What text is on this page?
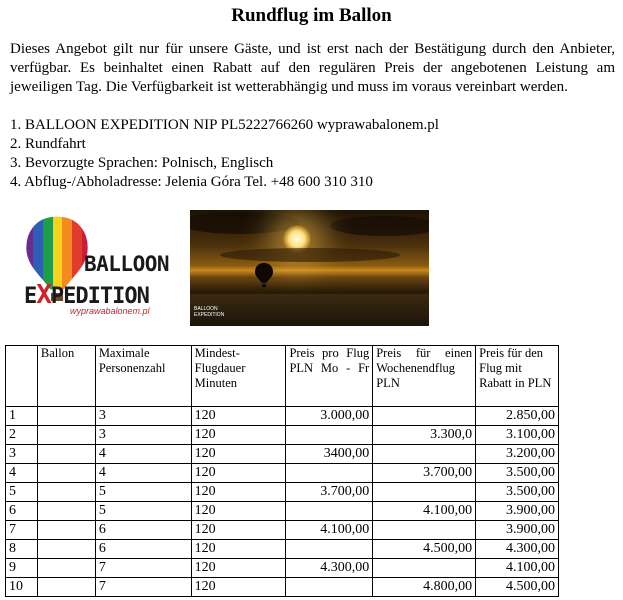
Rundflug im Ballon

Dieses Angebot gilt nur für unsere Gäste, und ist erst nach der Bestätigung durch den Anbieter, verfügbar. Es beinhaltet einen Rabatt auf den regulären Preis der angebotenen Leistung am jeweiligen Tag. Die Verfügbarkeit ist wetterabhängig und muss im voraus vereinbart werden.

1. BALLOON EXPEDITION NIP PL5222766260 wyprawabalonem.pl
2. Rundfahrt
3. Bevorzugte Sprachen: Polnisch, Englisch
4. Abflug-/Abholadresse: Jelenia Góra Tel. +48 600 310 310
BALLOON
EXPEDITION
wyprawabalonem.pl	BALLOON
EXPEDITION
	Ballon	Maximale Personenzahl	Mindest-Flugdauer Minuten	Preis pro Flug PLN Mo - Fr	Preis für einen Wochenendflug PLN	Preis für den Flug mit Rabatt in PLN
1		3	120	3.000,00		2.850,00
2		3	120		3.300,0	3.100,00
3		4	120	3400,00		3.200,00
4		4	120		3.700,00	3.500,00
5		5	120	3.700,00		3.500,00
6		5	120		4.100,00	3.900,00
7		6	120	4.100,00		3.900,00
8		6	120		4.500,00	4.300,00
9		7	120	4.300,00		4.100,00
10		7	120		4.800,00	4.500,00
